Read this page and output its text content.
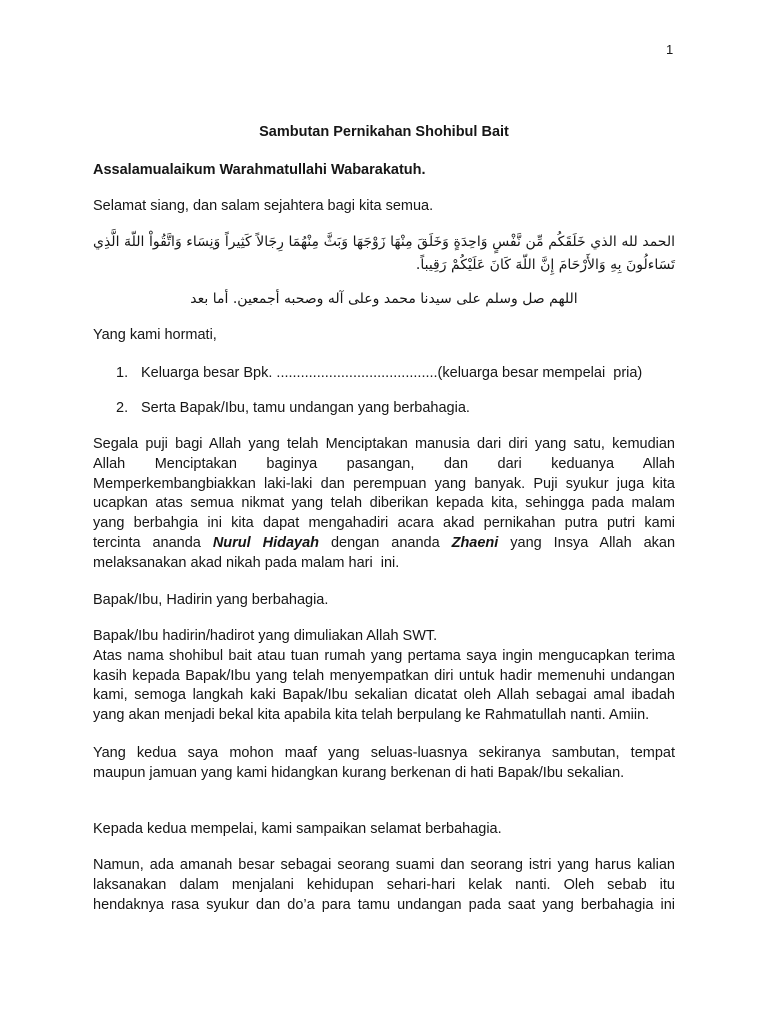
1
Sambutan Pernikahan Shohibul Bait
Assalamualaikum Warahmatullahi Wabarakatuh.
Selamat siang, dan salam sejahtera bagi kita semua.
الحمد لله الذي خَلَقَكُم مِّن نَّفْسٍ وَاحِدَةٍ وَخَلَقَ مِنْهَا زَوْجَهَا وَبَثَّ مِنْهُمَا رِجَالاً كَثِيراً وَنِسَاء وَاتَّقُواْ اللّهَ الَّذِي
تَسَاءلُونَ بِهِ وَالأَرْحَامَ إِنَّ اللّهَ كَانَ عَلَيْكُمْ رَقِيباً.
اللهم صل وسلم على سيدنا محمد وعلى آله وصحبه أجمعين. أما بعد
Yang kami hormati,
1. Keluarga besar Bpk. ........................................(keluarga besar mempelai  pria)
2. Serta Bapak/Ibu, tamu undangan yang berbahagia.
Segala puji bagi Allah yang telah Menciptakan manusia dari diri yang satu, kemudian
Allah Menciptakan baginya pasangan, dan dari keduanya Allah
Memperkembangbiakkan laki-laki dan perempuan yang banyak. Puji syukur juga kita
ucapkan atas semua nikmat yang telah diberikan kepada kita, sehingga pada malam
yang berbahgia ini kita dapat mengahadiri acara akad pernikahan putra putri kami
tercinta ananda Nurul Hidayah dengan ananda Zhaeni yang Insya Allah akan
melaksanakan akad nikah pada malam hari  ini.
Bapak/Ibu, Hadirin yang berbahagia.
Bapak/Ibu hadirin/hadirot yang dimuliakan Allah SWT.
Atas nama shohibul bait atau tuan rumah yang pertama saya ingin mengucapkan terima
kasih kepada Bapak/Ibu yang telah menyempatkan diri untuk hadir memenuhi undangan
kami, semoga langkah kaki Bapak/Ibu sekalian dicatat oleh Allah sebagai amal ibadah
yang akan menjadi bekal kita apabila kita telah berpulang ke Rahmatullah nanti. Amiin.
Yang kedua saya mohon maaf yang seluas-luasnya sekiranya sambutan, tempat
maupun jamuan yang kami hidangkan kurang berkenan di hati Bapak/Ibu sekalian.
Kepada kedua mempelai, kami sampaikan selamat berbahagia.
Namun, ada amanah besar sebagai seorang suami dan seorang istri yang harus kalian
laksanakan dalam menjalani kehidupan sehari-hari kelak nanti. Oleh sebab itu
hendaknya rasa syukur dan do’a para tamu undangan pada saat yang berbahagia ini
